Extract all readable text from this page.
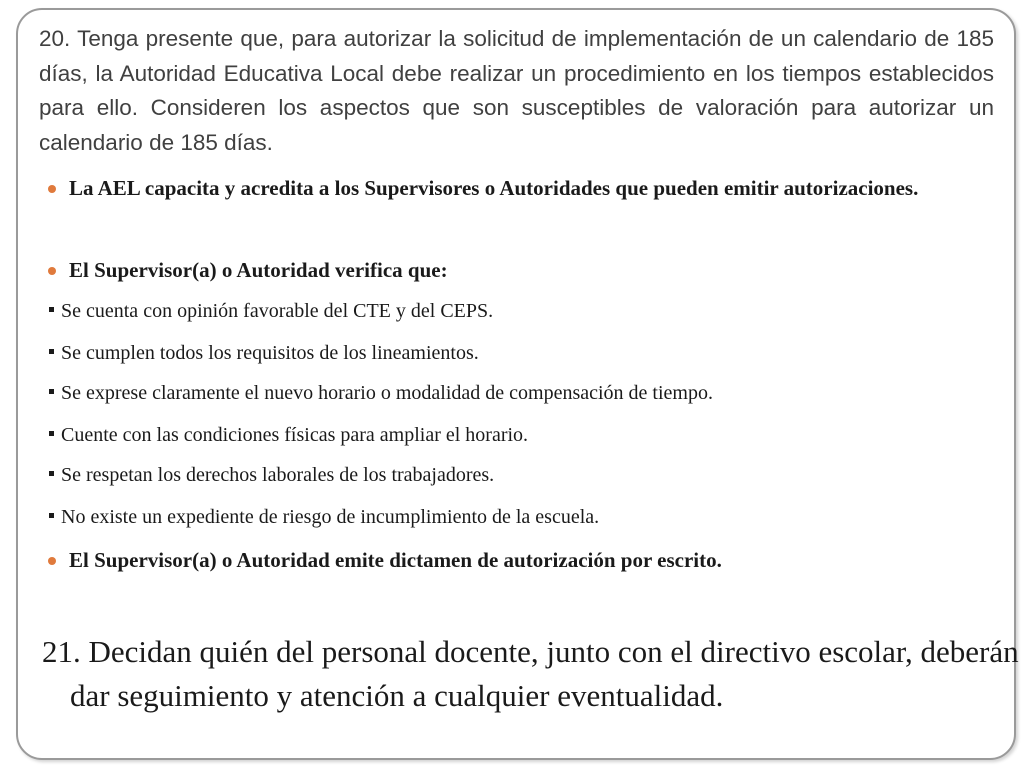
20. Tenga presente que, para autorizar la solicitud de implementación de un calendario de 185 días, la Autoridad Educativa Local debe realizar un procedimiento en los tiempos establecidos para ello. Consideren los aspectos que son susceptibles de valoración para autorizar un calendario de 185 días.

La AEL capacita y acredita a los Supervisores o Autoridades que pueden emitir autorizaciones.
El Supervisor(a) o Autoridad verifica que:
Se cuenta con opinión favorable del CTE y del CEPS.
Se cumplen todos los requisitos de los lineamientos.
Se exprese claramente el nuevo horario o modalidad de compensación de tiempo.
Cuente con las condiciones físicas para ampliar el horario.
Se respetan los derechos laborales de los trabajadores.
No existe un expediente de riesgo de incumplimiento de la escuela.
El Supervisor(a) o Autoridad emite dictamen de autorización por escrito.

21. Decidan quién del personal docente, junto con el directivo escolar, deberán dar seguimiento y atención a cualquier eventualidad.
